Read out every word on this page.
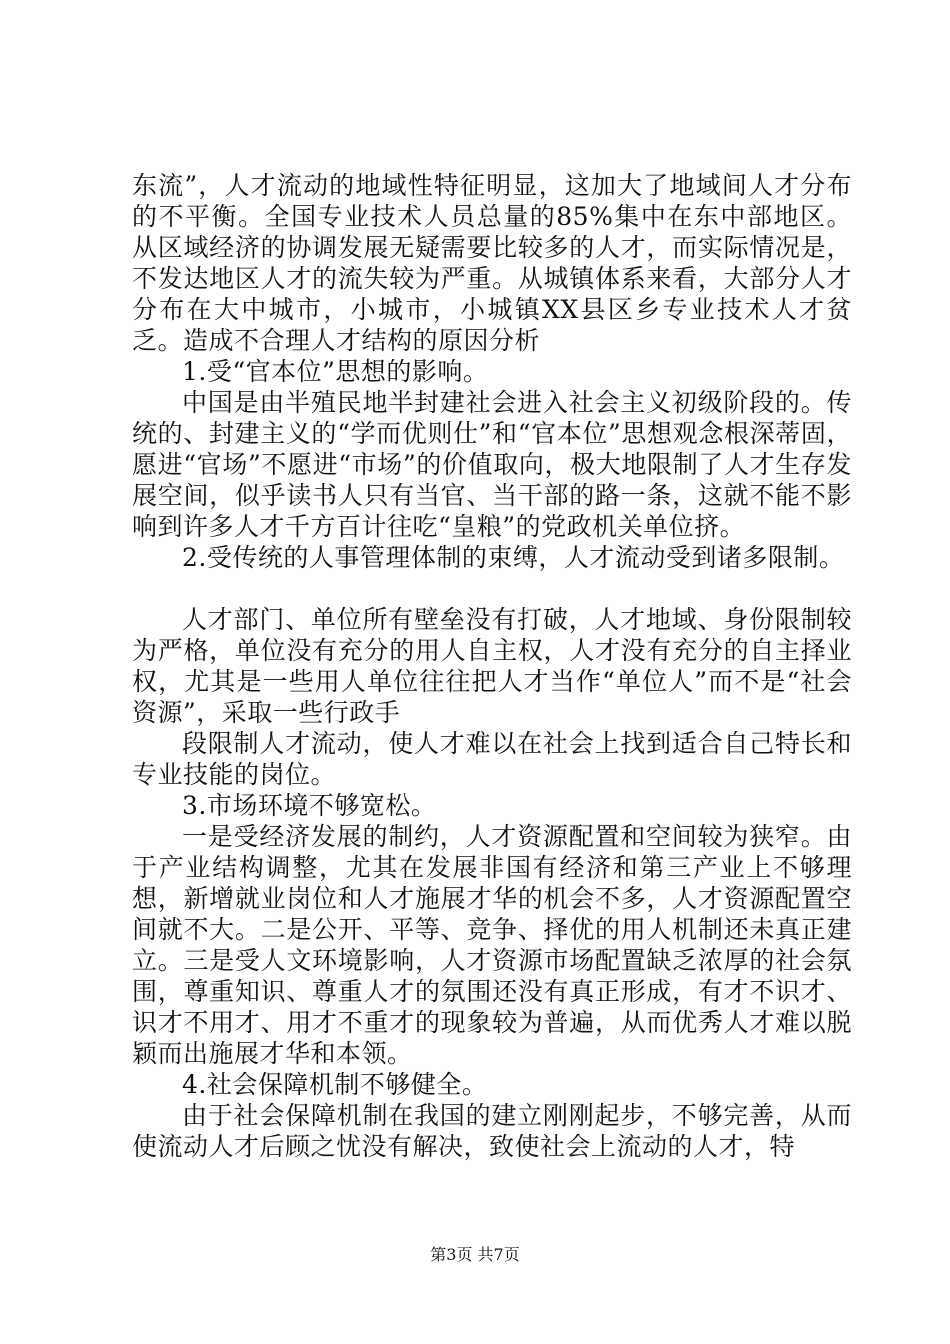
东流”，人才流动的地域性特征明显，这加大了地域间人才分布的不平衡。全国专业技术人员总量的85%集中在东中部地区。从区域经济的协调发展无疑需要比较多的人才，而实际情况是，不发达地区人才的流失较为严重。从城镇体系来看，大部分人才分布在大中城市，小城市，小城镇XX县区乡专业技术人才贫乏。造成不合理人才结构的原因分析

1.受“官本位”思想的影响。

中国是由半殖民地半封建社会进入社会主义初级阶段的。传统的、封建主义的“学而优则仕”和“官本位”思想观念根深蒂固，愿进“官场”不愿进“市场”的价值取向，极大地限制了人才生存发展空间，似乎读书人只有当官、当干部的路一条，这就不能不影响到许多人才千方百计往吃“皇粮”的党政机关单位挤。

2.受传统的人事管理体制的束缚，人才流动受到诸多限制。

人才部门、单位所有壁垒没有打破，人才地域、身份限制较为严格，单位没有充分的用人自主权，人才没有充分的自主择业权，尤其是一些用人单位往往把人才当作“单位人”而不是“社会资源”，采取一些行政手

段限制人才流动，使人才难以在社会上找到适合自己特长和专业技能的岗位。

3.市场环境不够宽松。

一是受经济发展的制约，人才资源配置和空间较为狭窄。由于产业结构调整，尤其在发展非国有经济和第三产业上不够理想，新增就业岗位和人才施展才华的机会不多，人才资源配置空间就不大。二是公开、平等、竞争、择优的用人机制还未真正建立。三是受人文环境影响，人才资源市场配置缺乏浓厚的社会氛围，尊重知识、尊重人才的氛围还没有真正形成，有才不识才、识才不用才、用才不重才的现象较为普遍，从而优秀人才难以脱颖而出施展才华和本领。

4.社会保障机制不够健全。

由于社会保障机制在我国的建立刚刚起步，不够完善，从而使流动人才后顾之忧没有解决，致使社会上流动的人才，特

第3页 共7页
